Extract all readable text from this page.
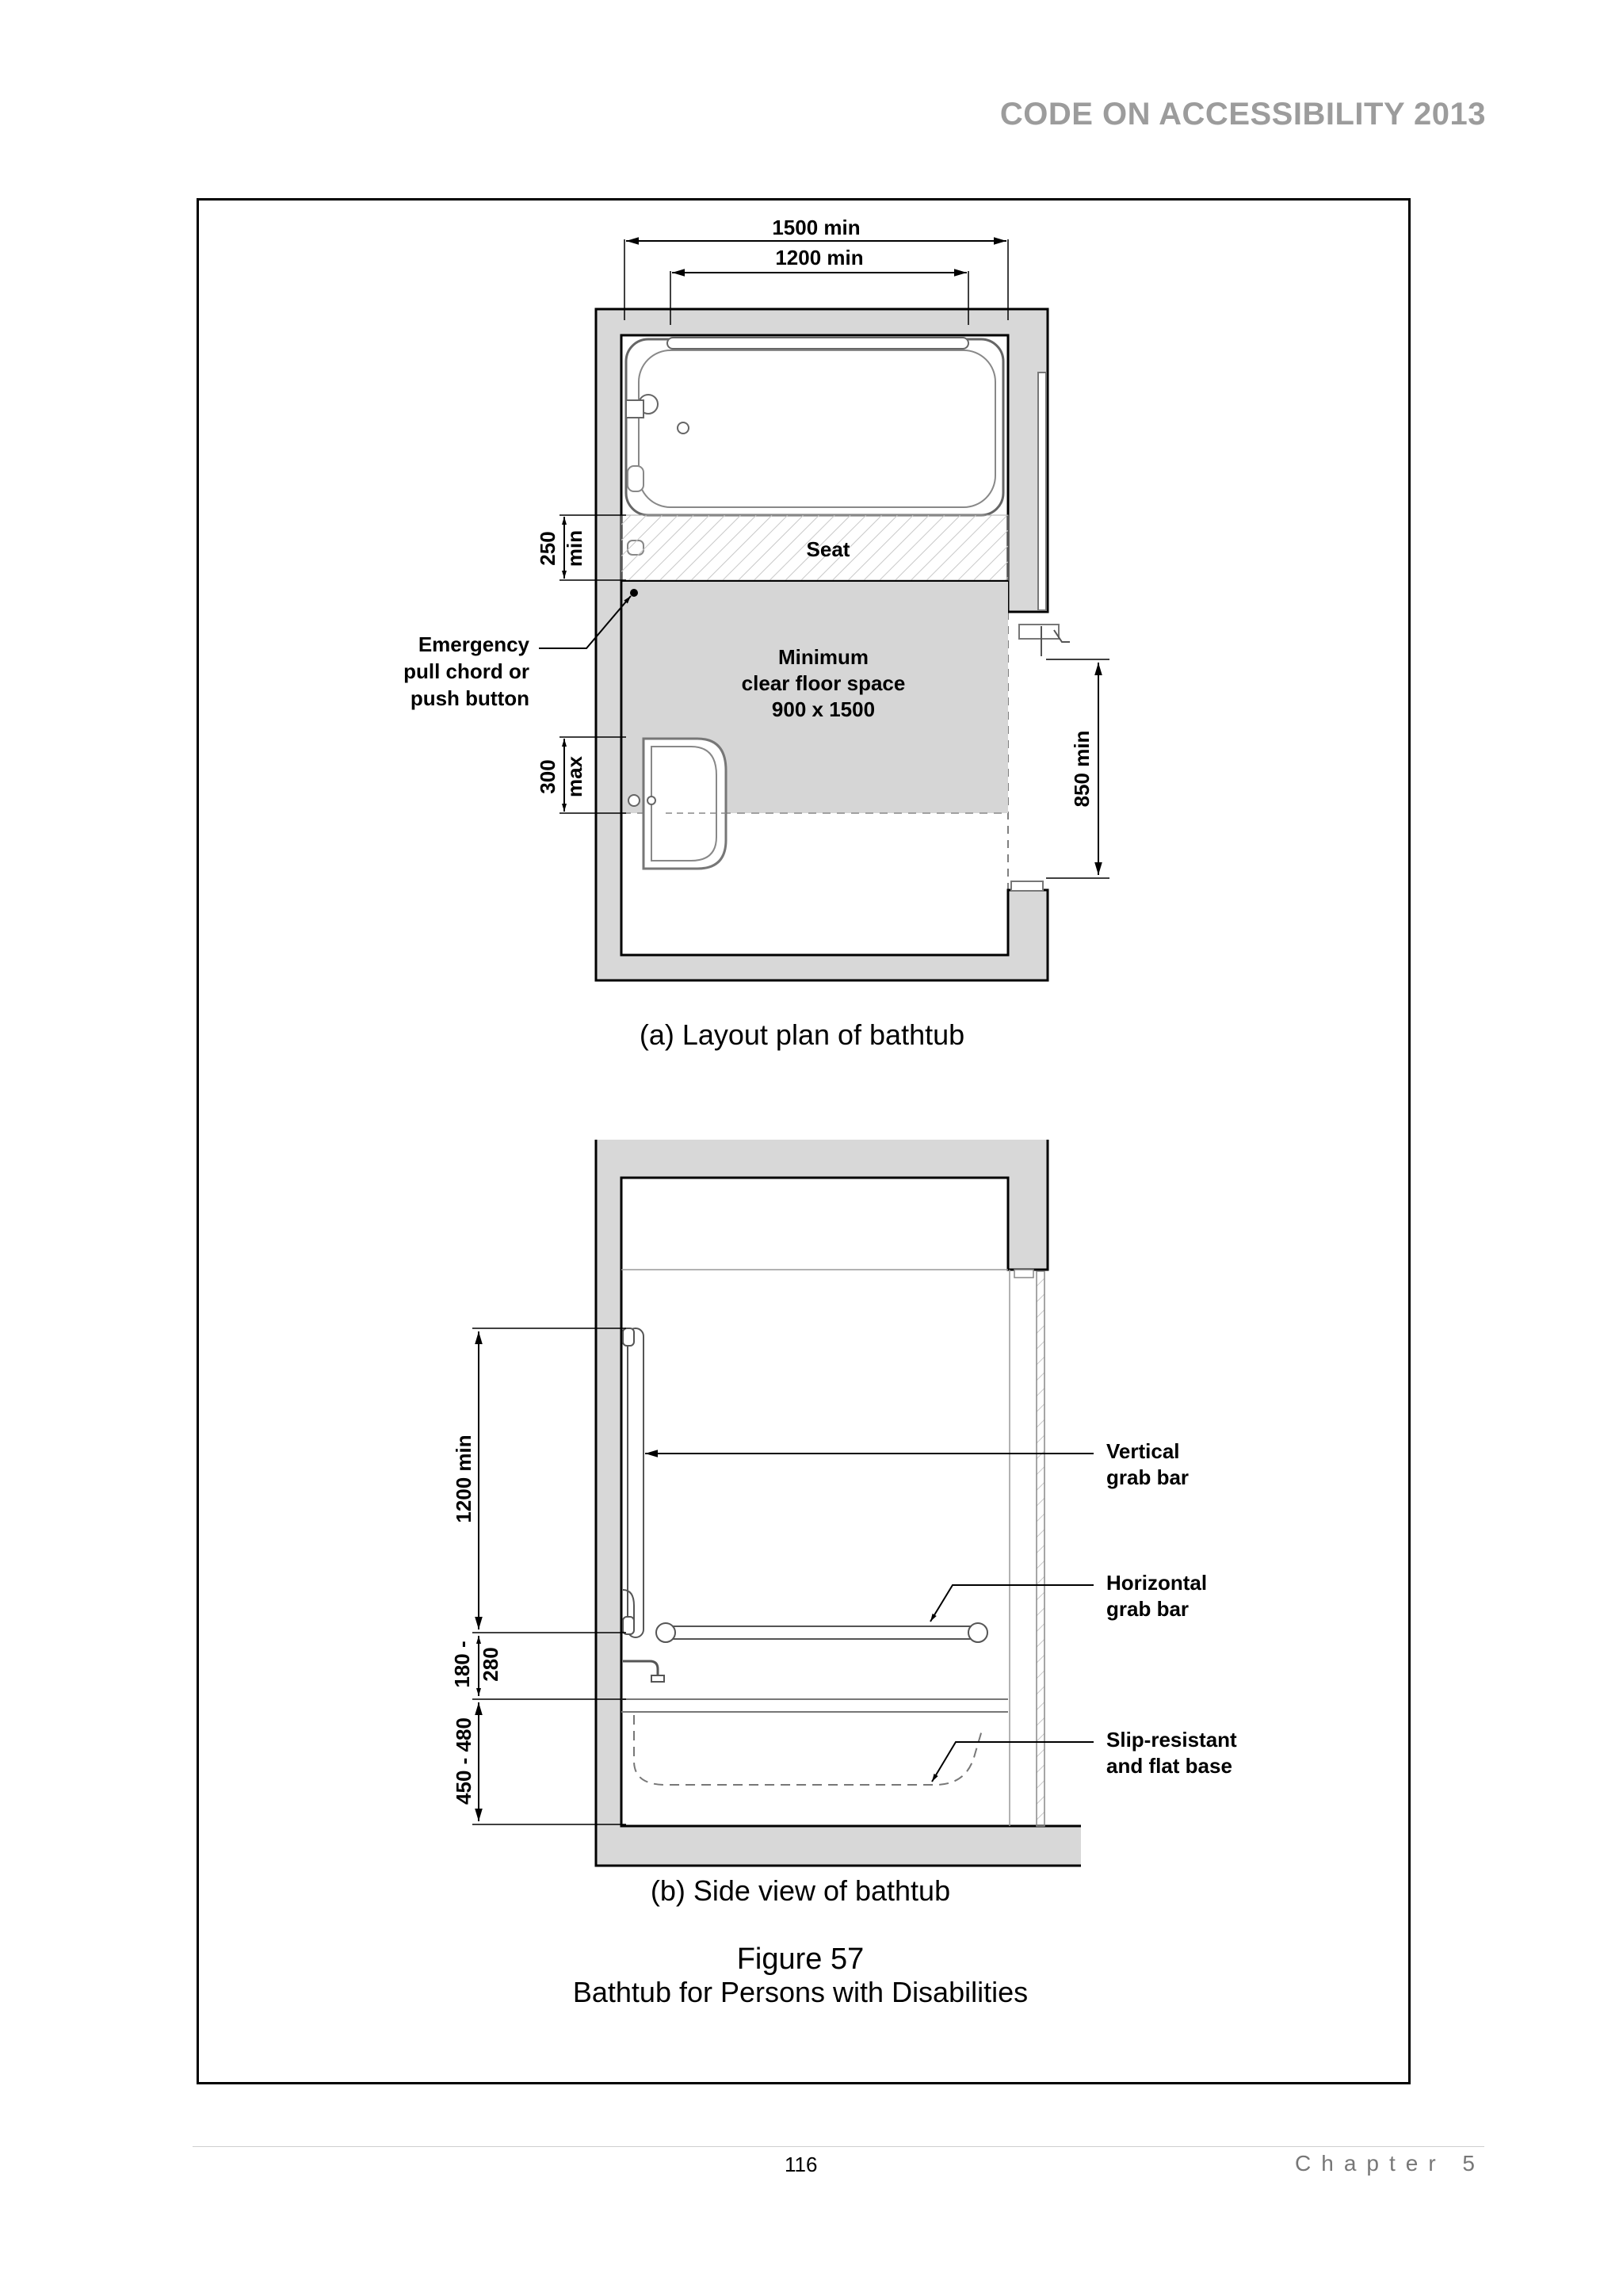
CODE ON ACCESSIBILITY 2013
Seat
Minimum
clear floor space
900 x 1500
Emergency
pull chord or
push button
1500 min
1200 min
250 min
300 max	850 min
(a) Layout plan of bathtub
1200 min
180 - 280
450 - 480
Vertical
grab bar
Horizontal
grab bar
Slip-resistant
and flat base
(b) Side view of bathtub
Figure 57
Bathtub for Persons with Disabilities
116	Chapter 5
